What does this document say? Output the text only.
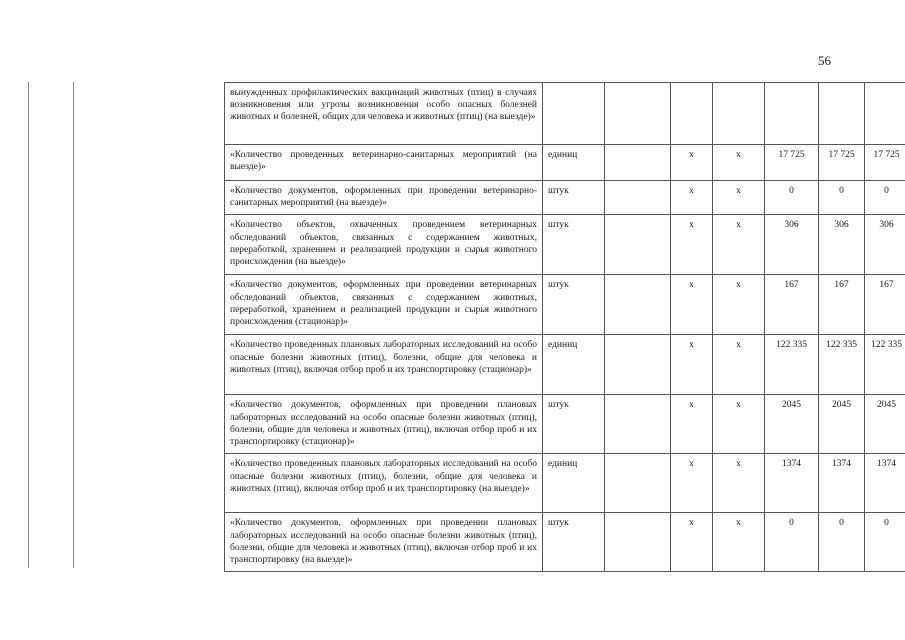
56
вынужденных профилактических вакцинаций животных (птиц) в случаях возникновения или угрозы возникновения особо опасных болезней животных и болезней, общих для человека и животных (птиц) (на выезде)»							
«Количество проведенных ветеринарно-санитарных мероприятий (на выезде)»	единиц		х	х	17 725	17 725	17 725
«Количество документов, оформленных при проведении ветеринарно-санитарных мероприятий (на выезде)»	штук		х	х	0	0	0
«Количество объектов, охваченных проведением ветеринарных обследований объектов, связанных с содержанием животных, переработкой, хранением и реализацией продукции и сырья животного происхождения (на выезде)»	штук		х	х	306	306	306
«Количество документов, оформленных при проведении ветеринарных обследований объектов, связанных с содержанием животных, переработкой, хранением и реализацией продукции и сырья животного происхождения (стационар)»	штук		х	х	167	167	167
«Количество проведенных плановых лабораторных исследований на особо опасные болезни животных (птиц), болезни, общие для человека и животных (птиц), включая отбор проб и их транспортировку (стационар)»	единиц		х	х	122 335	122 335	122 335
«Количество документов, оформленных при проведении плановых лабораторных исследований на особо опасные болезни животных (птиц), болезни, общие для человека и животных (птиц), включая отбор проб и их транспортировку (стационар)»	штук		х	х	2045	2045	2045
«Количество проведенных плановых лабораторных исследований на особо опасные болезни животных (птиц), болезни, общие для человека и животных (птиц), включая отбор проб и их транспортировку (на выезде)»	единиц		х	х	1374	1374	1374
«Количество документов, оформленных при проведении плановых лабораторных исследований на особо опасные болезни животных (птиц), болезни, общие для человека и животных (птиц), включая отбор проб и их транспортировку (на выезде)»	штук		х	х	0	0	0
